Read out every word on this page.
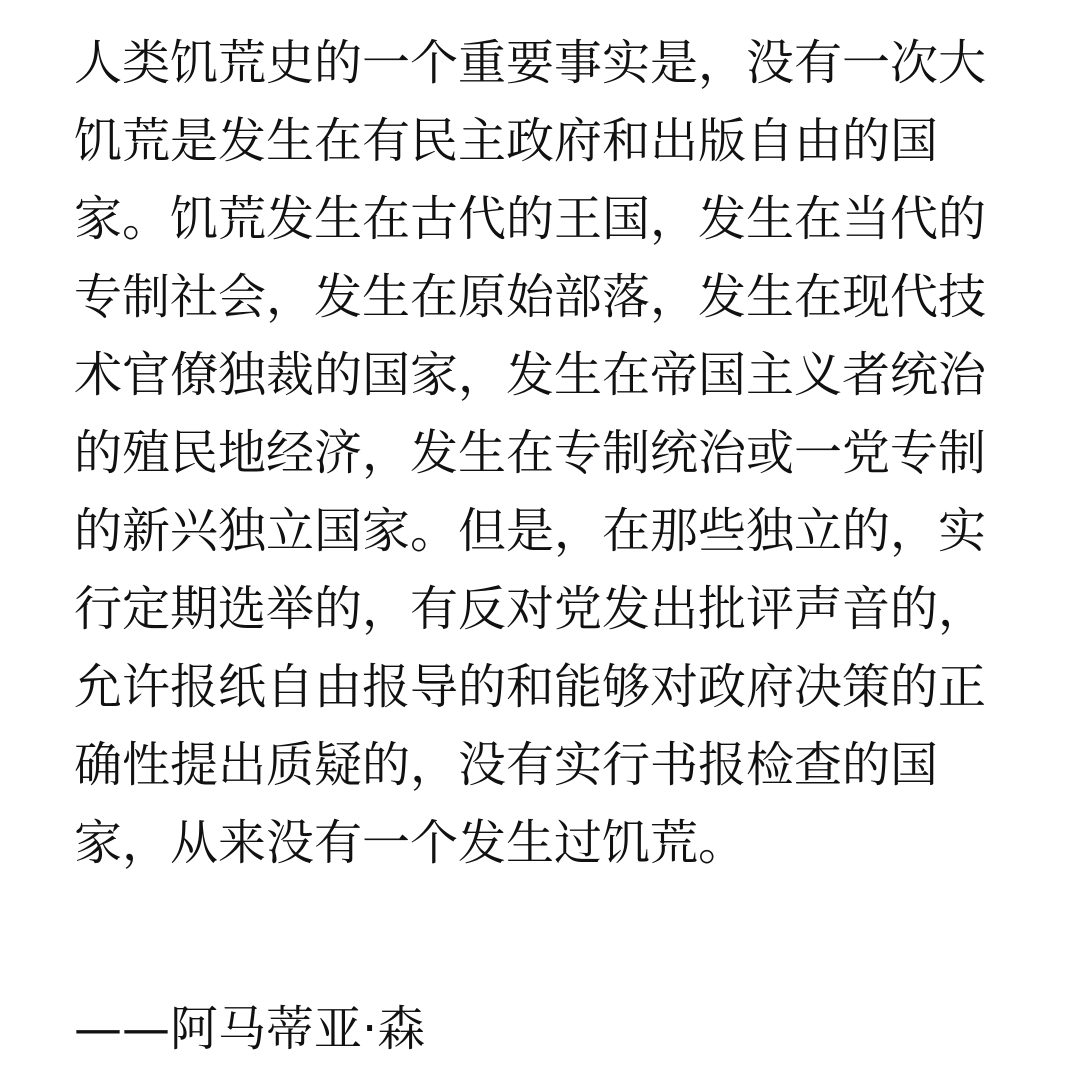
人类饥荒史的一个重要事实是，没有一次大
饥荒是发生在有民主政府和出版自由的国
家。饥荒发生在古代的王国，发生在当代的
专制社会，发生在原始部落，发生在现代技
术官僚独裁的国家，发生在帝国主义者统治
的殖民地经济，发生在专制统治或一党专制
的新兴独立国家。但是，在那些独立的，实
行定期选举的，有反对党发出批评声音的，
允许报纸自由报导的和能够对政府决策的正
确性提出质疑的，没有实行书报检查的国
家，从来没有一个发生过饥荒。

——阿马蒂亚·森
